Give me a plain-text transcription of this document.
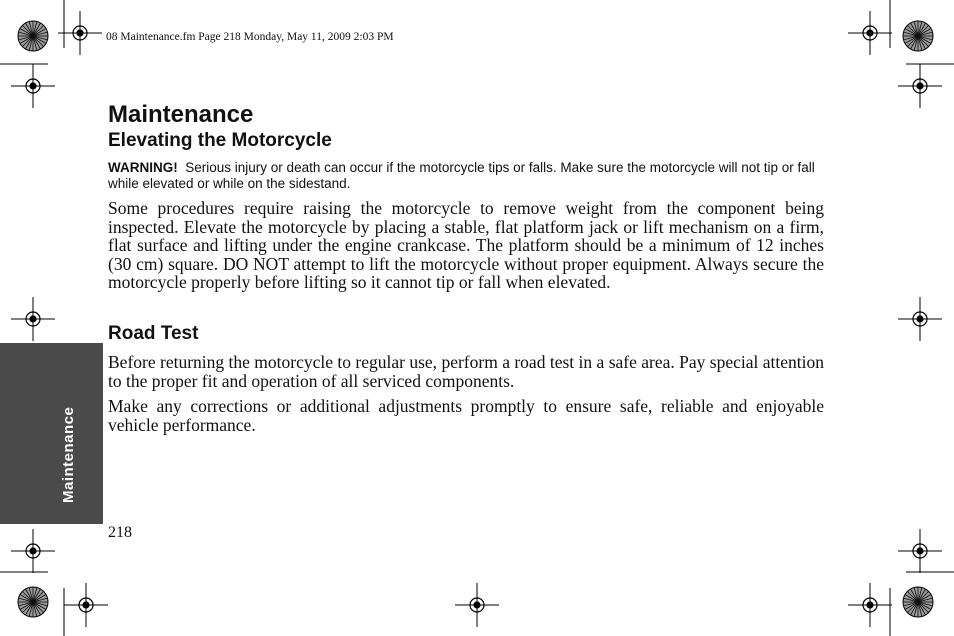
08 Maintenance.fm Page 218 Monday, May 11, 2009 2:03 PM
Maintenance
Maintenance
Elevating the Motorcycle
WARNING! Serious injury or death can occur if the motorcycle tips or falls. Make sure the motorcycle will not tip or fall while elevated or while on the sidestand.
Some procedures require raising the motorcycle to remove weight from the component being inspected. Elevate the motorcycle by placing a stable, flat platform jack or lift mechanism on a firm, flat surface and lifting under the engine crankcase. The platform should be a minimum of 12 inches (30 cm) square. DO NOT attempt to lift the motorcycle without proper equipment. Always secure the motorcycle properly before lifting so it cannot tip or fall when elevated.
Road Test
Before returning the motorcycle to regular use, perform a road test in a safe area. Pay special attention to the proper fit and operation of all serviced components.
Make any corrections or additional adjustments promptly to ensure safe, reliable and enjoyable vehicle performance.
218
